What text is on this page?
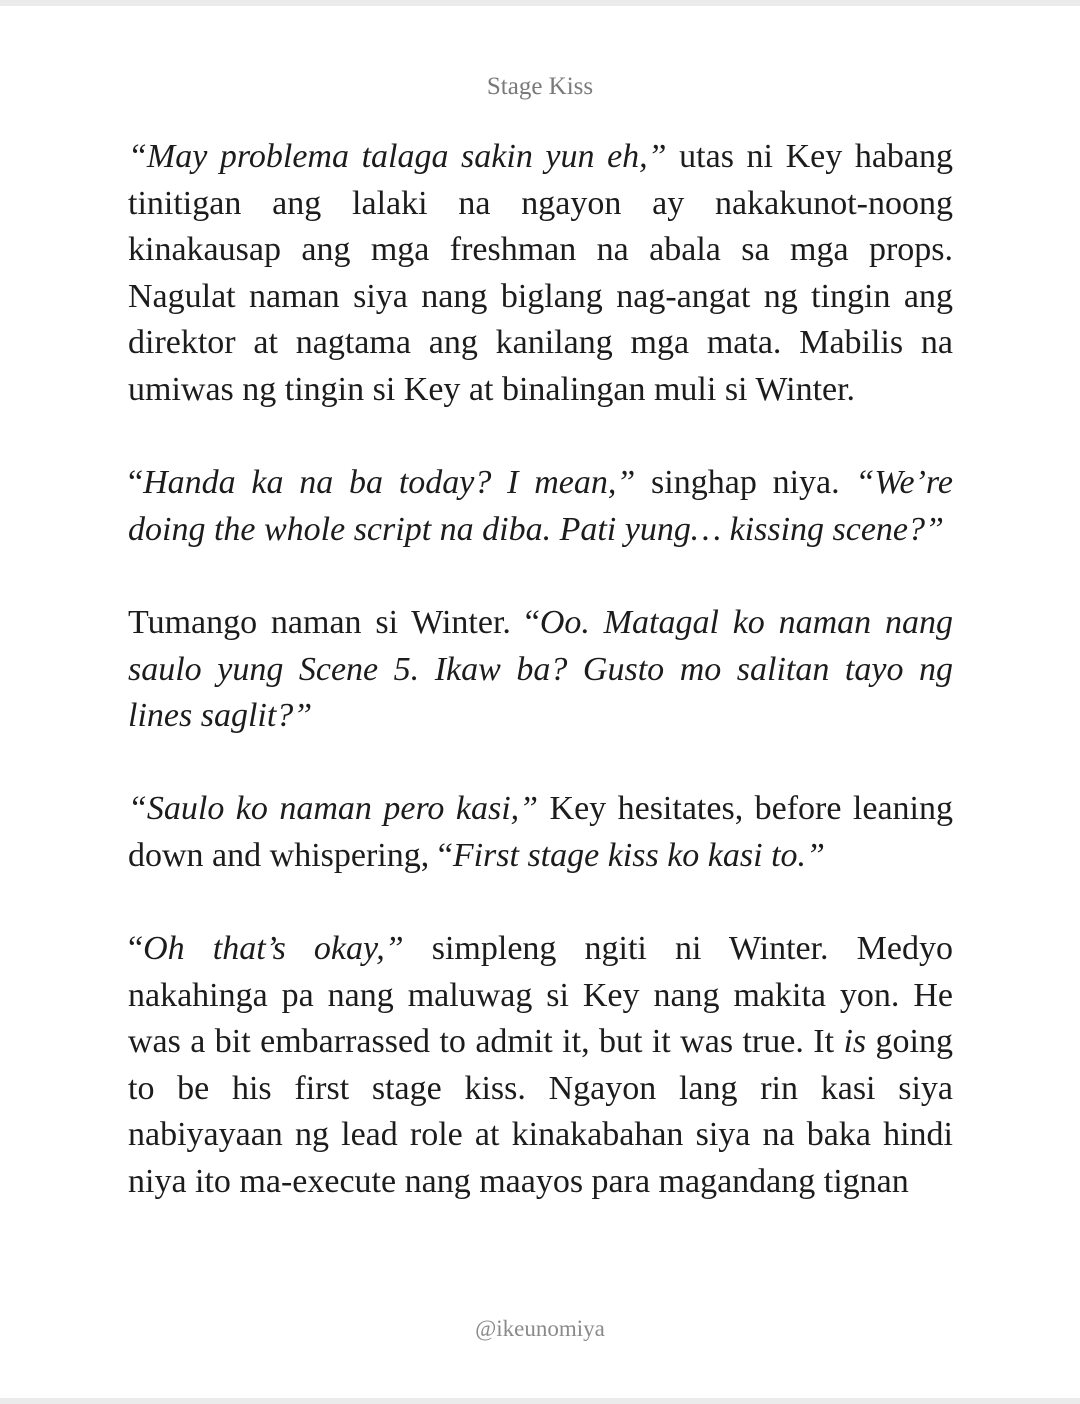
Stage Kiss

“May problema talaga sakin yun eh,” utas ni Key habang tinitigan ang lalaki na ngayon ay nakakunot-noong kinakausap ang mga freshman na abala sa mga props. Nagulat naman siya nang biglang nag-angat ng tingin ang direktor at nagtama ang kanilang mga mata. Mabilis na umiwas ng tingin si Key at binalingan muli si Winter.

“Handa ka na ba today? I mean,” singhap niya. “We’re doing the whole script na diba. Pati yung… kissing scene?”

Tumango naman si Winter. “Oo. Matagal ko naman nang saulo yung Scene 5. Ikaw ba? Gusto mo salitan tayo ng lines saglit?”

“Saulo ko naman pero kasi,” Key hesitates, before leaning down and whispering, “First stage kiss ko kasi to.”

“Oh that’s okay,” simpleng ngiti ni Winter. Medyo nakahinga pa nang maluwag si Key nang makita yon. He was a bit embarrassed to admit it, but it was true. It is going to be his first stage kiss. Ngayon lang rin kasi siya nabiyayaan ng lead role at kinakabahan siya na baka hindi niya ito ma-execute nang maayos para magandang tignan

@ikeunomiya
